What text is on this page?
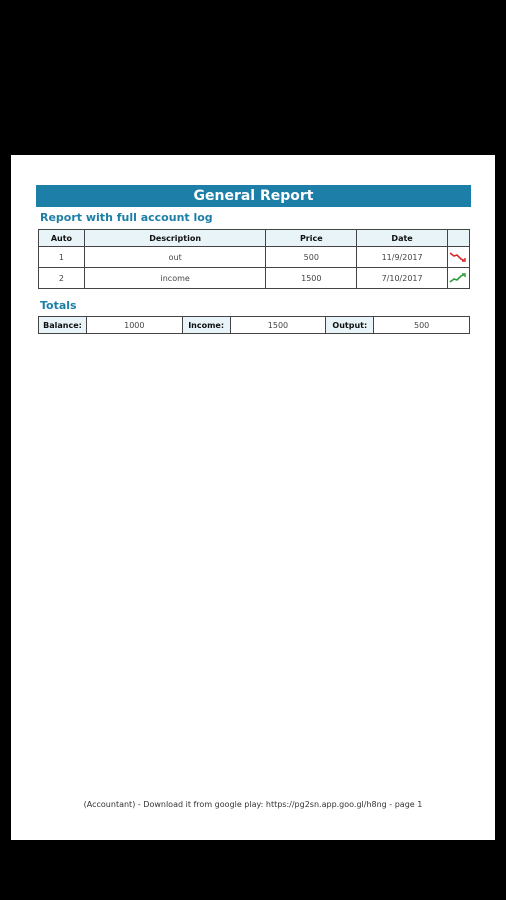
General Report
Report with full account log
Auto	Description	Price	Date	
1	out	500	11/9/2017	

2	income	1500	7/10/2017	
Totals
Balance:	1000	Income:	1500	Output:	500
(Accountant) - Download it from google play: https://pg2sn.app.goo.gl/h8ng - page 1
